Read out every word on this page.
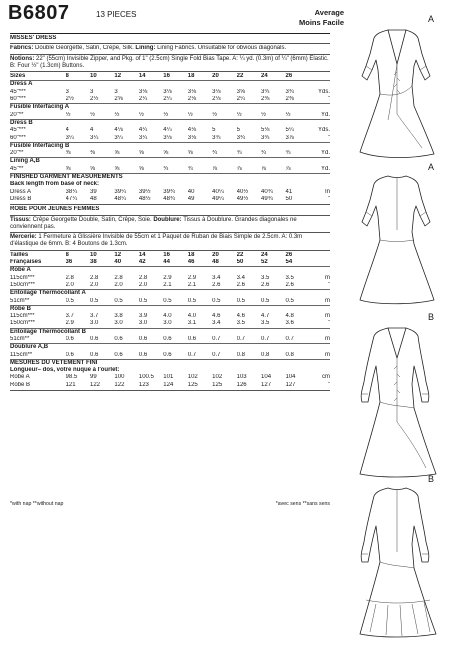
B6807	13 PIECES	Average
Moins Facile
MISSES' DRESS
Fabrics: Double Georgette, Satin, Crepe, Silk. Lining: Lining Fabrics. Unsuitable for obvious diagonals.
Notions: 22" (55cm) Invisible Zipper, and Pkg. of 1" (2.5cm) Single Fold Bias Tape. A: ¼ yd. (0.3m) of ¼" (6mm) Elastic. B: Four ½" (1.3cm) Buttons.
Sizes	8	10	12	14	16	18	20	22	24	26	
Dress A											
45"***	3	3	3	3⅛	3⅛	3⅛	3⅛	3⅝	3¾	3¾	Yds.
60"***	2½	2½	2⅝	2¼	2¼	2⅛	2⅛	2¼	2⅜	2⅜	"
Fusible Interfacing A											
20"**	½	½	½	½	½	½	½	½	½	½	Yd.
Dress B											
45"***	4	4	4⅛	4¼	4¼	4⅛	5	5	5⅛	5¼	Yds.
60"***	3¼	3¼	3¼	3¼	3⅛	3⅛	3¾	3¾	3¾	3⅞	"
Fusible Interfacing B											
20"**	⅜	⅜	⅝	⅝	⅝	⅝	¾	¾	¾	¾	Yd.
Lining A,B											
45"**	⅝	⅝	⅝	⅝	¾	¾	⅞	⅞	⅞	⅞	Yd.
FINISHED GARMENT MEASUREMENTS
Back length from base of neck:
Dress A	38¼	39	39¼	39½	39¾	40	40¼	40½	40¾	41	In
Dress B	47¼	48	48¼	48½	48¾	49	49¼	49½	49¾	50	"
ROBE POUR JEUNES FEMMES
Tissus: Crêpe Georgette Double, Satin, Crêpe, Soie. Doublure: Tissus à Doublure. Grandes diagonales ne conviennent pas.
Mercerie: 1 Fermeture à Glissière Invisible de 55cm et 1 Paquet de Ruban de Biais Simple de 2.5cm. A: 0.3m d'élastique de 6mm. B: 4 Boutons de 1.3cm.
Tailles	8	10	12	14	16	18	20	22	24	26	
Françaises	36	38	40	42	44	46	48	50	52	54	
Robe A											
115cm***	2.8	2.8	2.8	2.8	2.9	2.9	3.4	3.4	3.5	3.5	m
150cm***	2.0	2.0	2.0	2.0	2.1	2.1	2.6	2.6	2.6	2.6	"
Entoilage Thermocollant A											
51cm**	0.5	0.5	0.5	0.5	0.5	0.5	0.5	0.5	0.5	0.5	m
Robe B											
115cm***	3.7	3.7	3.8	3.9	4.0	4.0	4.6	4.6	4.7	4.8	m
150cm***	2.9	3.0	3.0	3.0	3.0	3.1	3.4	3.5	3.5	3.6	"
Entoilage Thermocollant B											
51cm**	0.6	0.6	0.6	0.6	0.6	0.6	0.7	0.7	0.7	0.7	m
Doublure A,B											
115cm**	0.6	0.6	0.6	0.6	0.6	0.7	0.7	0.8	0.8	0.8	m
MESURES DU VÊTEMENT FINI
Longueur– dos, votre nuque à l'ourlet:
Robe A	98.5	99	100	100.5	101	102	102	103	104	104	cm
Robe B	121	122	122	123	124	125	125	126	127	127	"
*with nap **without nap	*avec sens **sans sens
A
A
B
B
